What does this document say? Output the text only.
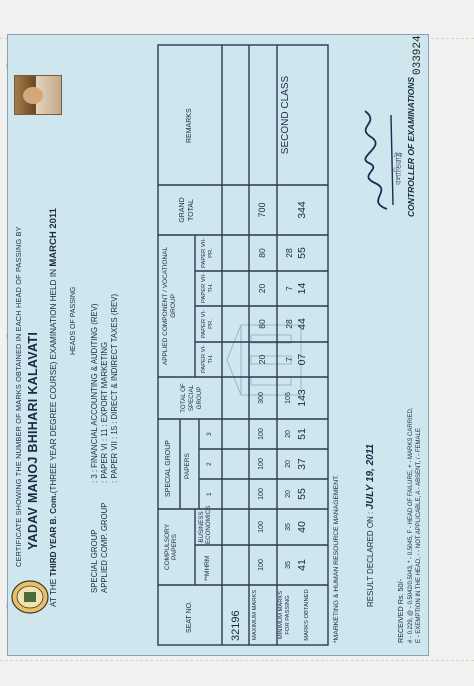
CERTIFICATE SHOWING THE NUMBER OF MARKS OBTAINED IN EACH HEAD OF PASSING BY YADAV MANOJ BHIHARI KALAVATI
AT THE THIRD YEAR B. Com.(THREE YEAR DEGREE COURSE) EXAMINATION HELD IN MARCH 2011
HEADS OF PASSING
SPECIAL GROUP: 3 : FINANCIAL ACCOUNTING & AUDITING (REV)
APPLIED COMP. GROUP: PAPER VI : 11 : EXPORT MARKETING : PAPER VII : 15 : DIRECT & INDIRECT TAXES (REV)
SEAT NO.
COMPULSORY PAPERS
**MHRM
BUSINESS ECONOMICS
SPECIAL GROUP PAPERS
1
2
3
TOTAL OF SPECIAL GROUP
APPLIED COMPONENT / VOCATIONAL GROUP
PAPER VI-TH.
PAPER VI-PR.
PAPER VII-TH.
PAPER VII-PR.
GRAND TOTAL
REMARKS
32196 MAXIMUM MARKS	MINIMUM MARKS FOR PASSING MARKS OBTAINED
100
100
100
100
100
300
20
80
20
80
700
35
35
20
20
20
105
7
28
7
28
41
40
55
37
51
143
07
44
14
55
344
SECOND CLASS
*MARKETING & HUMAN RESOURCE MANAGEMENT.	RESULT DECLARED ON : JULY 19, 2011
RECEIVED Rs. 50/- # - 0.229, @ - 0.5042/0.5043, * - 0.5045, F - HEAD OF FAILURE, + - MARKS CARRIED, E - EXEMPTION IN THE HEAD, - - NOT APPLICABLE, A - ABSENT, / - FEMALE
বলাভিরাষ্ট্র CONTROLLER OF EXAMINATIONS
033924
